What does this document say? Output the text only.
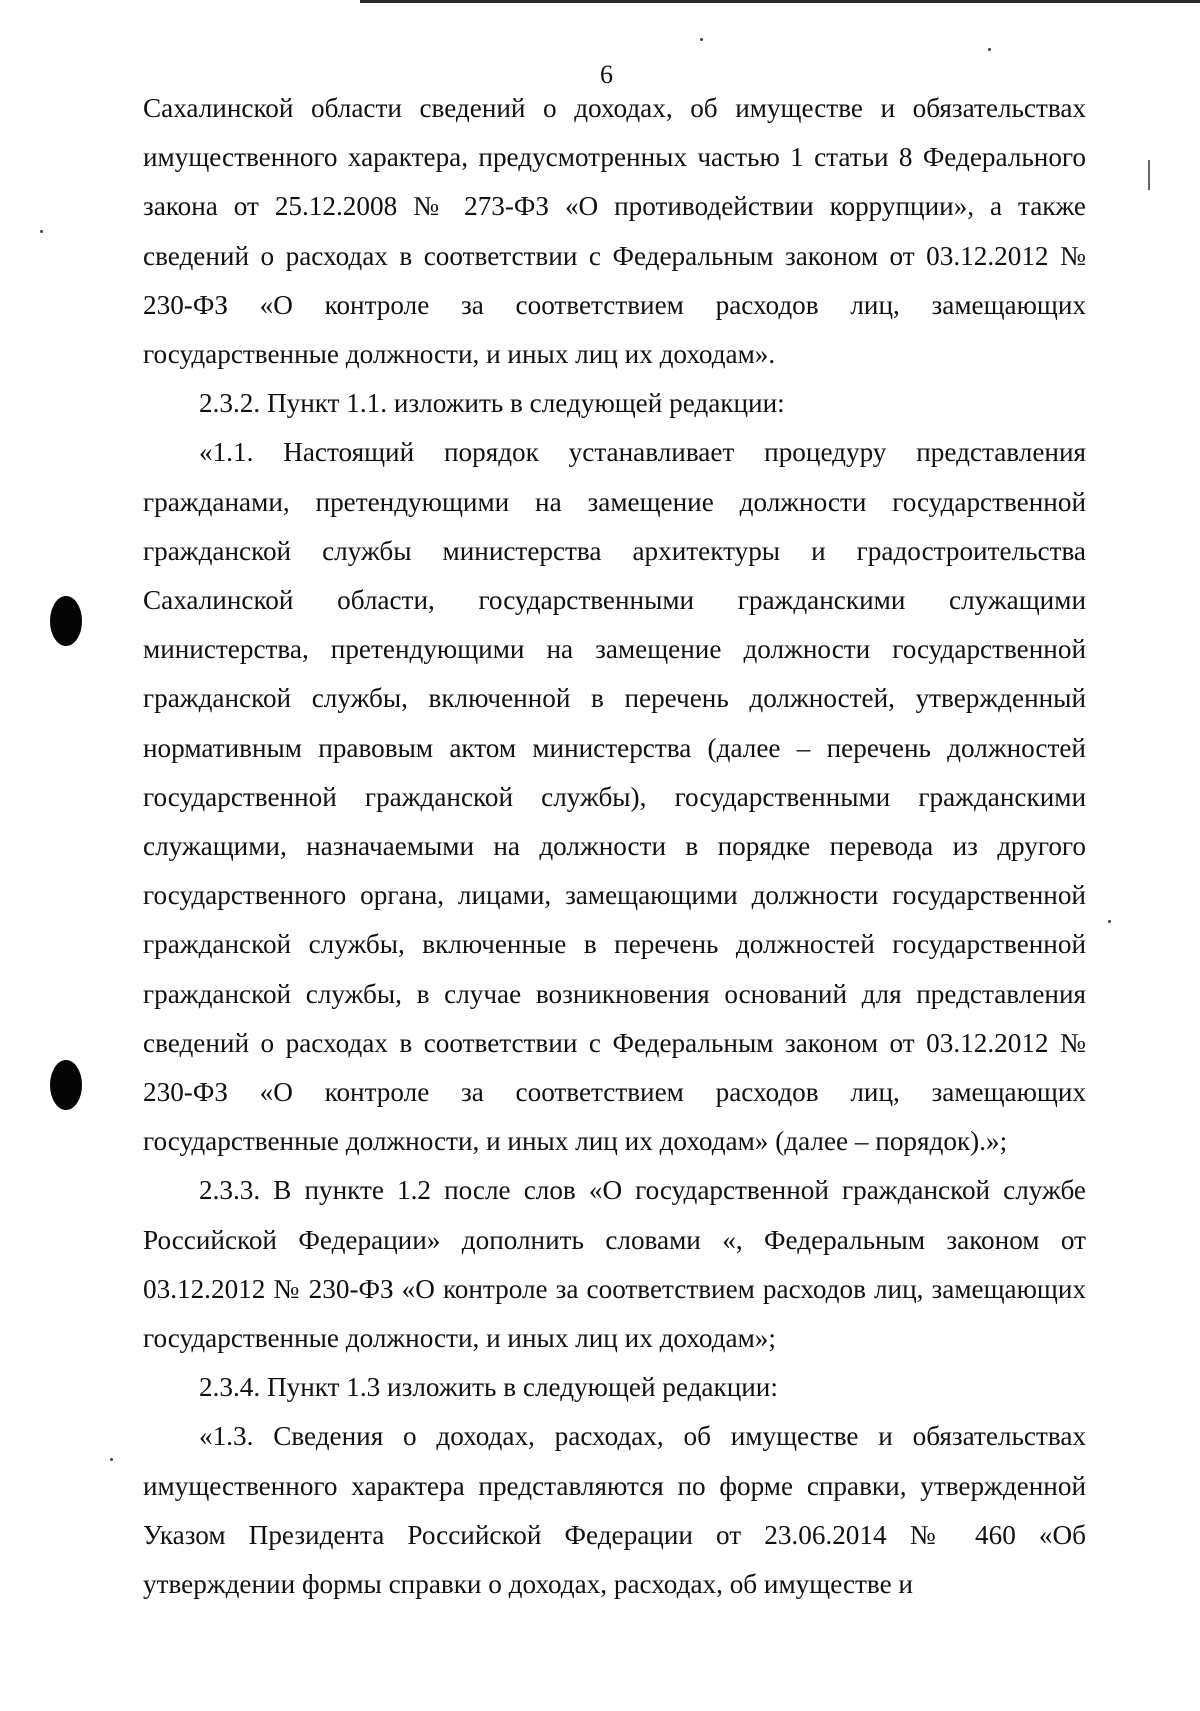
6

Сахалинской области сведений о доходах, об имуществе и обязательствах имущественного характера, предусмотренных частью 1 статьи 8 Федерального закона от 25.12.2008 № 273-ФЗ «О противодействии коррупции», а также сведений о расходах в соответствии с Федеральным законом от 03.12.2012 № 230-ФЗ «О контроле за соответствием расходов лиц, замещающих государственные должности, и иных лиц их доходам».

2.3.2. Пункт 1.1. изложить в следующей редакции:

«1.1. Настоящий порядок устанавливает процедуру представления гражданами, претендующими на замещение должности государственной гражданской службы министерства архитектуры и градостроительства Сахалинской области, государственными гражданскими служащими министерства, претендующими на замещение должности государственной гражданской службы, включенной в перечень должностей, утвержденный нормативным правовым актом министерства (далее – перечень должностей государственной гражданской службы), государственными гражданскими служащими, назначаемыми на должности в порядке перевода из другого государственного органа, лицами, замещающими должности государственной гражданской службы, включенные в перечень должностей государственной гражданской службы, в случае возникновения оснований для представления сведений о расходах в соответствии с Федеральным законом от 03.12.2012 № 230-ФЗ «О контроле за соответствием расходов лиц, замещающих государственные должности, и иных лиц их доходам» (далее – порядок).»;

2.3.3. В пункте 1.2 после слов «О государственной гражданской службе Российской Федерации» дополнить словами «, Федеральным законом от 03.12.2012 № 230-ФЗ «О контроле за соответствием расходов лиц, замещающих государственные должности, и иных лиц их доходам»;

2.3.4. Пункт 1.3 изложить в следующей редакции:

«1.3. Сведения о доходах, расходах, об имуществе и обязательствах имущественного характера представляются по форме справки, утвержденной Указом Президента Российской Федерации от 23.06.2014 № 460 «Об утверждении формы справки о доходах, расходах, об имуществе и
